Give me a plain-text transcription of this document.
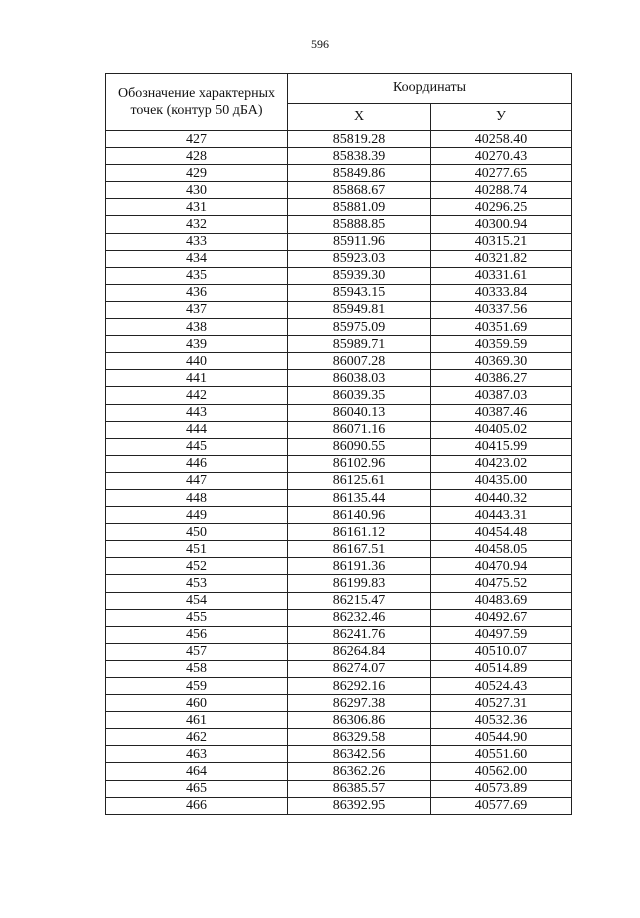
596
Обозначение характерных
точек (контур 50 дБА)	Координаты	
	X	У
427	85819.28	40258.40
428	85838.39	40270.43
429	85849.86	40277.65
430	85868.67	40288.74
431	85881.09	40296.25
432	85888.85	40300.94
433	85911.96	40315.21
434	85923.03	40321.82
435	85939.30	40331.61
436	85943.15	40333.84
437	85949.81	40337.56
438	85975.09	40351.69
439	85989.71	40359.59
440	86007.28	40369.30
441	86038.03	40386.27
442	86039.35	40387.03
443	86040.13	40387.46
444	86071.16	40405.02
445	86090.55	40415.99
446	86102.96	40423.02
447	86125.61	40435.00
448	86135.44	40440.32
449	86140.96	40443.31
450	86161.12	40454.48
451	86167.51	40458.05
452	86191.36	40470.94
453	86199.83	40475.52
454	86215.47	40483.69
455	86232.46	40492.67
456	86241.76	40497.59
457	86264.84	40510.07
458	86274.07	40514.89
459	86292.16	40524.43
460	86297.38	40527.31
461	86306.86	40532.36
462	86329.58	40544.90
463	86342.56	40551.60
464	86362.26	40562.00
465	86385.57	40573.89
466	86392.95	40577.69
